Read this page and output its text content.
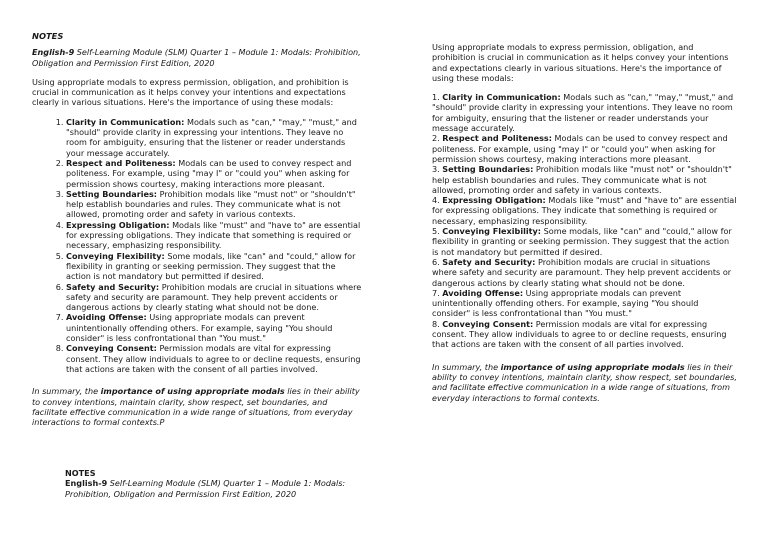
NOTES
English-9 Self-Learning Module (SLM) Quarter 1 – Module 1: Modals: Prohibition, Obligation and Permission First Edition, 2020

Using appropriate modals to express permission, obligation, and prohibition is crucial in communication as it helps convey your intentions and expectations clearly in various situations. Here's the importance of using these modals:

1. Clarity in Communication: Modals such as "can," "may," "must," and "should" provide clarity in expressing your intentions. They leave no room for ambiguity, ensuring that the listener or reader understands your message accurately.
2. Respect and Politeness: Modals can be used to convey respect and politeness. For example, using "may I" or "could you" when asking for permission shows courtesy, making interactions more pleasant.
3. Setting Boundaries: Prohibition modals like "must not" or "shouldn't" help establish boundaries and rules. They communicate what is not allowed, promoting order and safety in various contexts.
4. Expressing Obligation: Modals like "must" and "have to" are essential for expressing obligations. They indicate that something is required or necessary, emphasizing responsibility.
5. Conveying Flexibility: Some modals, like "can" and "could," allow for flexibility in granting or seeking permission. They suggest that the action is not mandatory but permitted if desired.
6. Safety and Security: Prohibition modals are crucial in situations where safety and security are paramount. They help prevent accidents or dangerous actions by clearly stating what should not be done.
7. Avoiding Offense: Using appropriate modals can prevent unintentionally offending others. For example, saying "You should consider" is less confrontational than "You must."
8. Conveying Consent: Permission modals are vital for expressing consent. They allow individuals to agree to or decline requests, ensuring that actions are taken with the consent of all parties involved.

In summary, the importance of using appropriate modals lies in their ability to convey intentions, maintain clarity, show respect, set boundaries, and facilitate effective communication in a wide range of situations, from everyday interactions to formal contexts.P

NOTES
English-9 Self-Learning Module (SLM) Quarter 1 – Module 1: Modals: Prohibition, Obligation and Permission First Edition, 2020

Using appropriate modals to express permission, obligation, and prohibition is crucial in communication as it helps convey your intentions and expectations clearly in various situations. Here's the importance of using these modals:

1. Clarity in Communication: Modals such as "can," "may," "must," and "should" provide clarity in expressing your intentions. They leave no room for ambiguity, ensuring that the listener or reader understands your message accurately.
2. Respect and Politeness: Modals can be used to convey respect and politeness. For example, using "may I" or "could you" when asking for permission shows courtesy, making interactions more pleasant.
3. Setting Boundaries: Prohibition modals like "must not" or "shouldn't" help establish boundaries and rules. They communicate what is not allowed, promoting order and safety in various contexts.
4. Expressing Obligation: Modals like "must" and "have to" are essential for expressing obligations. They indicate that something is required or necessary, emphasizing responsibility.
5. Conveying Flexibility: Some modals, like "can" and "could," allow for flexibility in granting or seeking permission. They suggest that the action is not mandatory but permitted if desired.
6. Safety and Security: Prohibition modals are crucial in situations where safety and security are paramount. They help prevent accidents or dangerous actions by clearly stating what should not be done.
7. Avoiding Offense: Using appropriate modals can prevent unintentionally offending others. For example, saying "You should consider" is less confrontational than "You must."
8. Conveying Consent: Permission modals are vital for expressing consent. They allow individuals to agree to or decline requests, ensuring that actions are taken with the consent of all parties involved.

In summary, the importance of using appropriate modals lies in their ability to convey intentions, maintain clarity, show respect, set boundaries, and facilitate effective communication in a wide range of situations, from everyday interactions to formal contexts.
